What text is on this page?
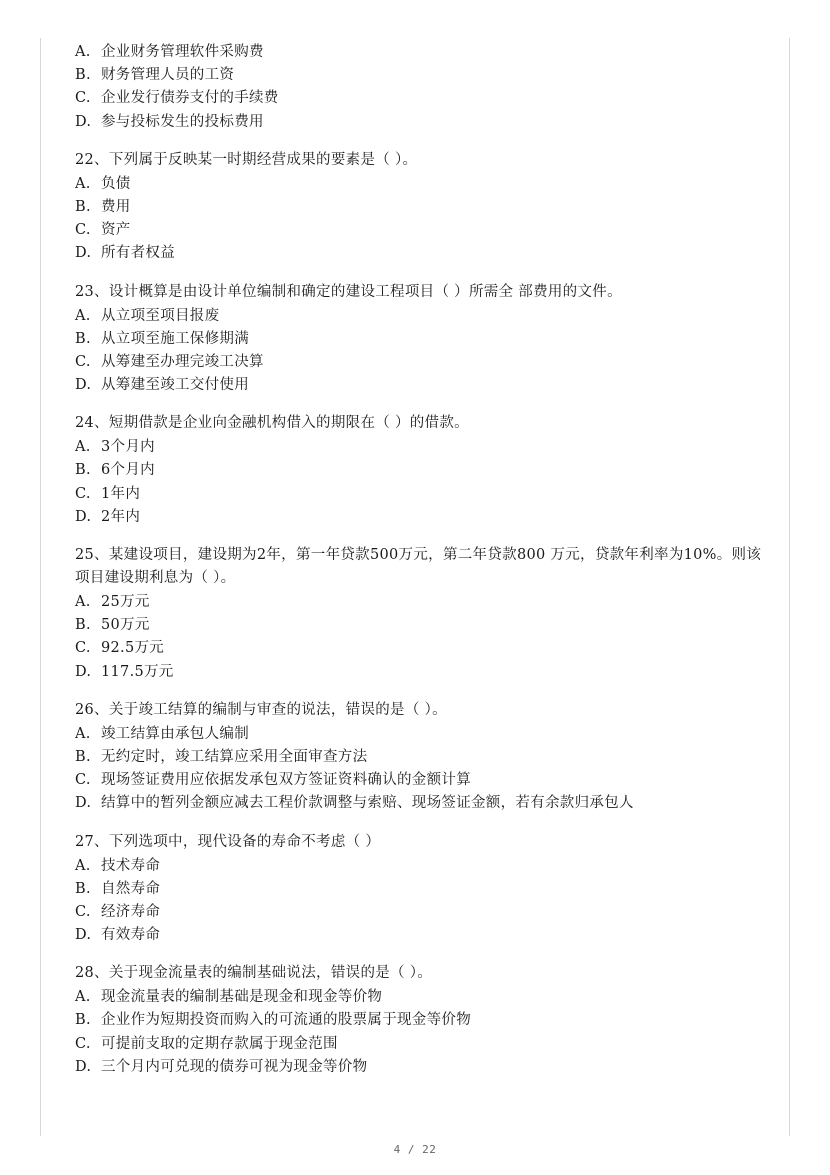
A. 企业财务管理软件采购费
B. 财务管理人员的工资
C. 企业发行债券支付的手续费
D. 参与投标发生的投标费用
22、下列属于反映某一时期经营成果的要素是（ ）。
A. 负债
B. 费用
C. 资产
D. 所有者权益
23、设计概算是由设计单位编制和确定的建设工程项目（ ）所需全 部费用的文件。
A. 从立项至项目报废
B. 从立项至施工保修期满
C. 从筹建至办理完竣工决算
D. 从筹建至竣工交付使用
24、短期借款是企业向金融机构借入的期限在（ ）的借款。
A. 3个月内
B. 6个月内
C. 1年内
D. 2年内
25、某建设项目，建设期为2年，第一年贷款500万元，第二年贷款800 万元，贷款年利率为10%。则该项目建设期利息为（ ）。
A. 25万元
B. 50万元
C. 92.5万元
D. 117.5万元
26、关于竣工结算的编制与审查的说法，错误的是（ ）。
A. 竣工结算由承包人编制
B. 无约定时，竣工结算应采用全面审查方法
C. 现场签证费用应依据发承包双方签证资料确认的金额计算
D. 结算中的暂列金额应减去工程价款调整与索赔、现场签证金额，若有余款归承包人
27、下列选项中，现代设备的寿命不考虑（ ）
A. 技术寿命
B. 自然寿命
C. 经济寿命
D. 有效寿命
28、关于现金流量表的编制基础说法，错误的是（ ）。
A. 现金流量表的编制基础是现金和现金等价物
B. 企业作为短期投资而购入的可流通的股票属于现金等价物
C. 可提前支取的定期存款属于现金范围
D. 三个月内可兑现的债券可视为现金等价物
4 / 22
